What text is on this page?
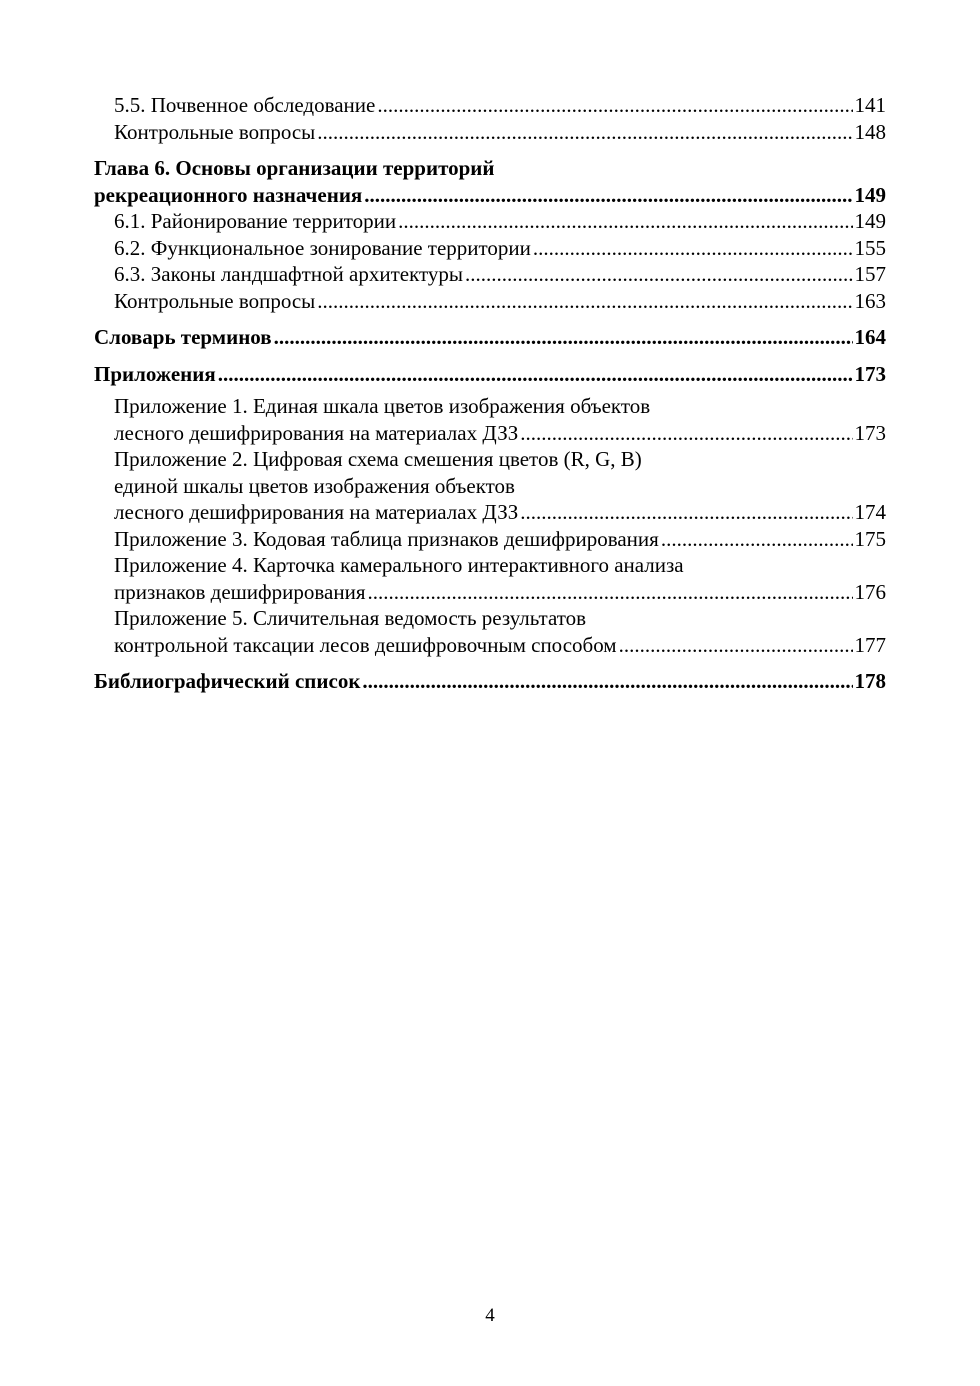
5.5. Почвенное обследование .....	141
Контрольные вопросы .....	148
Глава 6. Основы организации территорий
рекреационного назначения .....	149
6.1. Районирование территории .....	149
6.2. Функциональное зонирование территории .....	155
6.3. Законы ландшафтной архитектуры .....	157
Контрольные вопросы .....	163
Словарь терминов .....	164
Приложения .....	173
Приложение 1. Единая шкала цветов изображения объектов
лесного дешифрирования на материалах ДЗЗ .....	173
Приложение 2. Цифровая схема смешения цветов (R, G, B)
единой шкалы цветов изображения объектов
лесного дешифрирования на материалах ДЗЗ .....	174
Приложение 3. Кодовая таблица признаков дешифрирования .....	175
Приложение 4. Карточка камерального интерактивного анализа
признаков дешифрирования .....	176
Приложение 5. Сличительная ведомость результатов
контрольной таксации лесов дешифровочным способом .....	177
Библиографический список .....	178
4
